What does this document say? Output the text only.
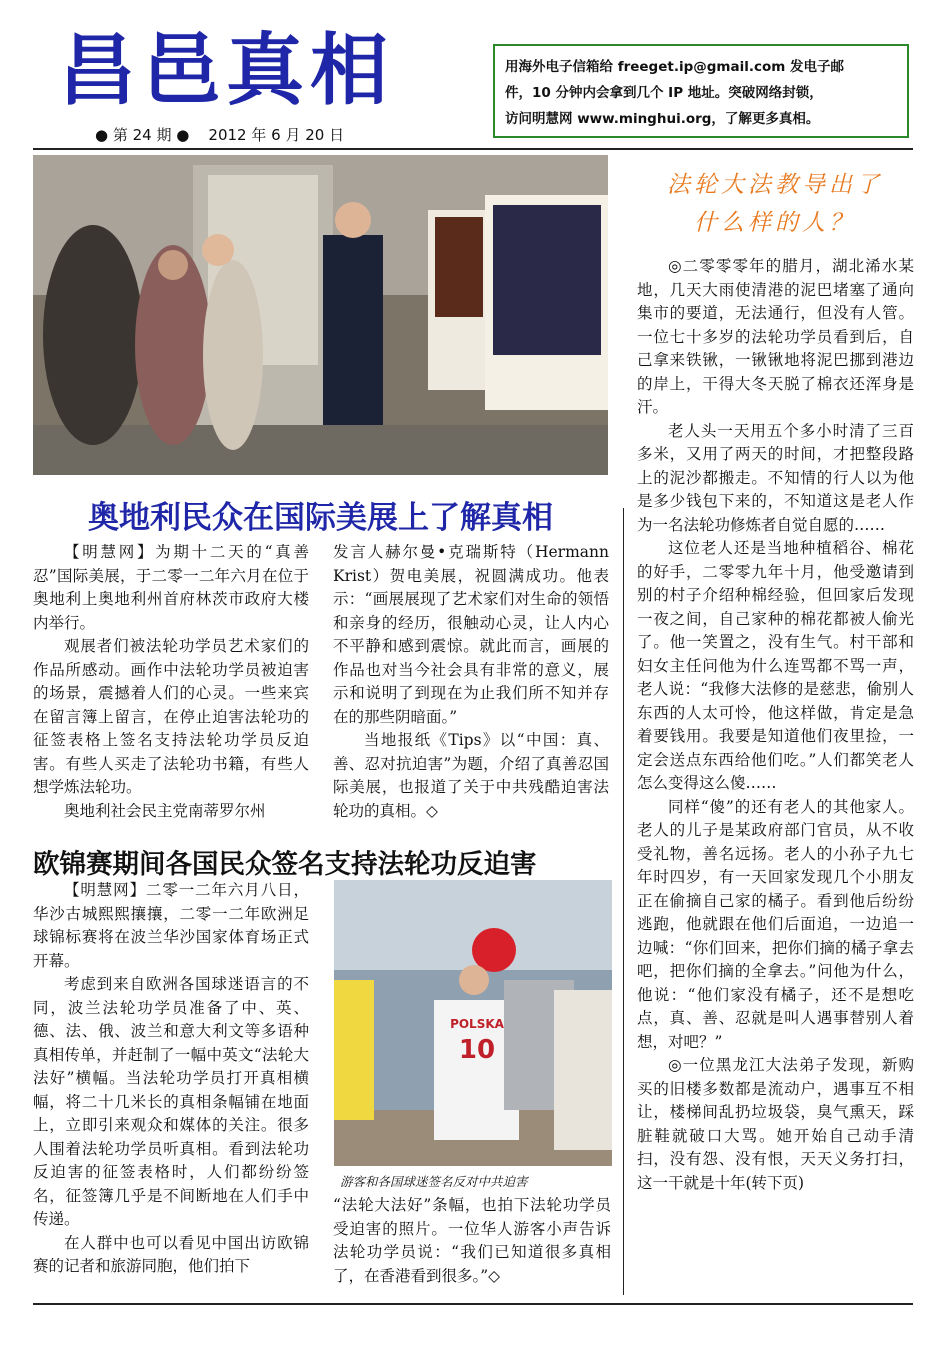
昌邑真相
● 第 24 期 ● 2012 年 6 月 20 日
用海外电子信箱给 freeget.ip@gmail.com 发电子邮
件，10 分钟内会拿到几个 IP 地址。突破网络封锁，
访问明慧网 www.minghui.org，了解更多真相。
奥地利民众在国际美展上了解真相

【明慧网】为期十二天的“真善忍”国际美展，于二零一二年六月在位于奥地利上奥地利州首府林茨市政府大楼内举行。

观展者们被法轮功学员艺术家们的作品所感动。画作中法轮功学员被迫害的场景，震撼着人们的心灵。一些来宾在留言簿上留言，在停止迫害法轮功的征签表格上签名支持法轮功学员反迫害。有些人买走了法轮功书籍，有些人想学炼法轮功。

奥地利社会民主党南蒂罗尔州

发言人赫尔曼•克瑞斯特（Hermann Krist）贺电美展，祝圆满成功。他表示：“画展展现了艺术家们对生命的领悟和亲身的经历，很触动心灵，让人内心不平静和感到震惊。就此而言，画展的作品也对当今社会具有非常的意义，展示和说明了到现在为止我们所不知并存在的那些阴暗面。”

当地报纸《Tips》以“中国：真、善、忍对抗迫害”为题，介绍了真善忍国际美展，也报道了关于中共残酷迫害法轮功的真相。◇

欧锦赛期间各国民众签名支持法轮功反迫害

【明慧网】二零一二年六月八日，华沙古城熙熙攘攘，二零一二年欧洲足球锦标赛将在波兰华沙国家体育场正式开幕。

考虑到来自欧洲各国球迷语言的不同，波兰法轮功学员准备了中、英、德、法、俄、波兰和意大利文等多语种真相传单，并赶制了一幅中英文“法轮大法好”横幅。当法轮功学员打开真相横幅，将二十几米长的真相条幅铺在地面上，立即引来观众和媒体的关注。很多人围着法轮功学员听真相。看到法轮功反迫害的征签表格时，人们都纷纷签名，征签簿几乎是不间断地在人们手中传递。

在人群中也可以看见中国出访欧锦赛的记者和旅游同胞，他们拍下

POLSKA
10
游客和各国球迷签名反对中共迫害

“法轮大法好”条幅，也拍下法轮功学员受迫害的照片。一位华人游客小声告诉法轮功学员说：“我们已知道很多真相了，在香港看到很多。”◇

法轮大法教导出了
什么样的人？

◎二零零零年的腊月，湖北浠水某地，几天大雨使清港的泥巴堵塞了通向集市的要道，无法通行，但没有人管。一位七十多岁的法轮功学员看到后，自己拿来铁锹，一锹锹地将泥巴挪到港边的岸上，干得大冬天脱了棉衣还浑身是汗。

老人头一天用五个多小时清了三百多米，又用了两天的时间，才把整段路上的泥沙都搬走。不知情的行人以为他是多少钱包下来的，不知道这是老人作为一名法轮功修炼者自觉自愿的……

这位老人还是当地种植稻谷、棉花的好手，二零零九年十月，他受邀请到别的村子介绍种棉经验，但回家后发现一夜之间，自己家种的棉花都被人偷光了。他一笑置之，没有生气。村干部和妇女主任问他为什么连骂都不骂一声，老人说：“我修大法修的是慈悲，偷别人东西的人太可怜，他这样做，肯定是急着要钱用。我要是知道他们夜里捡，一定会送点东西给他们吃。”人们都笑老人怎么变得这么傻……

同样“傻”的还有老人的其他家人。老人的儿子是某政府部门官员，从不收受礼物，善名远扬。老人的小孙子九七年时四岁，有一天回家发现几个小朋友正在偷摘自己家的橘子。看到他后纷纷逃跑，他就跟在他们后面追，一边追一边喊：“你们回来，把你们摘的橘子拿去吧，把你们摘的全拿去。”问他为什么，他说：“他们家没有橘子，还不是想吃点，真、善、忍就是叫人遇事替别人着想，对吧？”

◎一位黑龙江大法弟子发现，新购买的旧楼多数都是流动户，遇事互不相让，楼梯间乱扔垃圾袋，臭气熏天，踩脏鞋就破口大骂。她开始自己动手清扫，没有怨、没有恨，天天义务打扫，这一干就是十年(转下页)
